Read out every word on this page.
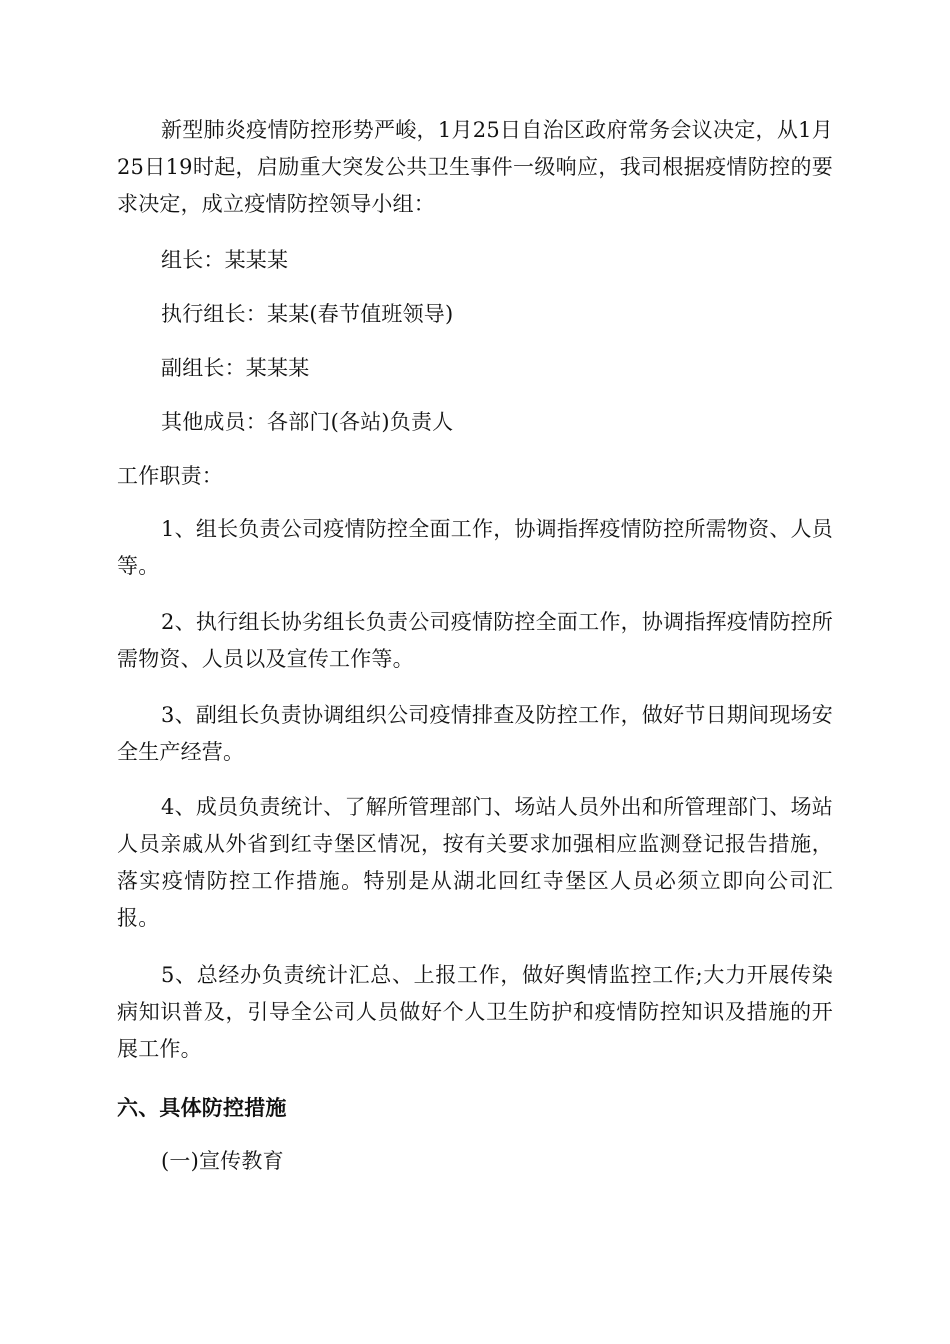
新型肺炎疫情防控形势严峻，1月25日自治区政府常务会议决定，从1月25日19时起，启励重大突发公共卫生事件一级响应，我司根据疫情防控的要求决定，成立疫情防控领导小组：

组长：某某某

执行组长：某某(春节值班领导)

副组长：某某某

其他成员：各部门(各站)负责人

工作职责：

1、组长负责公司疫情防控全面工作，协调指挥疫情防控所需物资、人员等。

2、执行组长协劣组长负责公司疫情防控全面工作，协调指挥疫情防控所需物资、人员以及宣传工作等。

3、副组长负责协调组织公司疫情排查及防控工作，做好节日期间现场安全生产经营。

4、成员负责统计、了解所管理部门、场站人员外出和所管理部门、场站人员亲戚从外省到红寺堡区情况，按有关要求加强相应监测登记报告措施，落实疫情防控工作措施。特别是从湖北回红寺堡区人员必须立即向公司汇报。

5、总经办负责统计汇总、上报工作，做好舆情监控工作;大力开展传染病知识普及，引导全公司人员做好个人卫生防护和疫情防控知识及措施的开展工作。

六、具体防控措施

(一)宣传教育
